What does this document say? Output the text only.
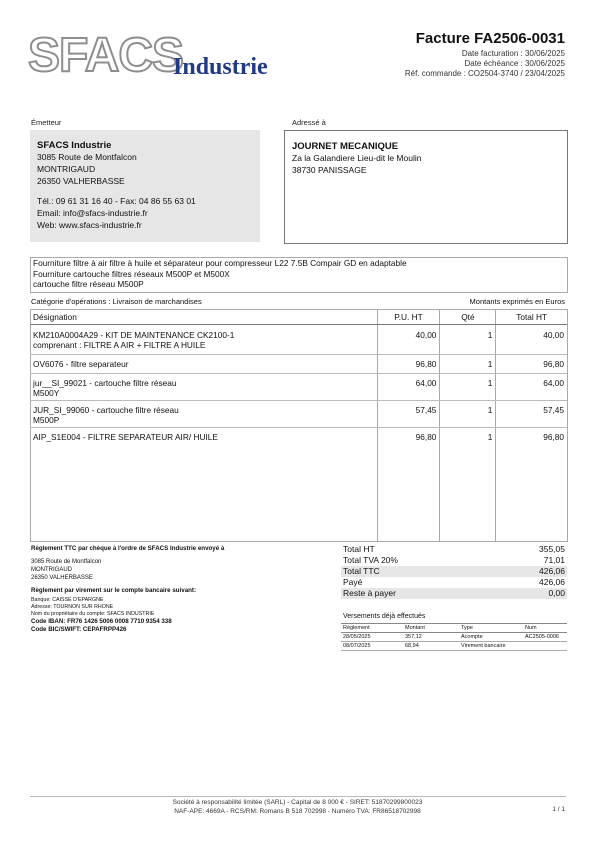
SFACS
Industrie
Facture FA2506-0031
Date facturation : 30/06/2025
Date échéance : 30/06/2025
Réf. commande : CO2504-3740 / 23/04/2025
Émetteur
SFACS Industrie
3085 Route de Montfalcon
MONTRIGAUD
26350 VALHERBASSE
Tél.: 09 61 31 16 40 - Fax: 04 86 55 63 01
Email: info@sfacs-industrie.fr
Web: www.sfacs-industrie.fr
Adressé à
JOURNET MECANIQUE
Za la Galandiere Lieu-dit le Moulin
38730 PANISSAGE
Fourniture filtre à air filtre à huile et séparateur pour compresseur L22 7.5B Compair GD en adaptable
Fourniture cartouche filtres réseaux M500P et M500X
cartouche filtre réseau M500P
Catégorie d'opérations : Livraison de marchandises	Montants exprimés en Euros
Désignation	P.U. HT	Qté	Total HT

KM210A0004A29 - KIT DE MAINTENANCE CK2100-1
comprenant : FILTRE A AIR + FILTRE A HUILE	40,00	1	40,00

OV6076 - filtre separateur	96,80	1	96,80

jur__SI_99021 - cartouche filtre réseau
M500Y	64,00	1	64,00

JUR_SI_99060 - cartouche filtre réseau
M500P	57,45	1	57,45

AIP_S1E004 - FILTRE SEPARATEUR AIR/ HUILE	96,80	1	96,80
Règlement TTC par chèque à l'ordre de SFACS Industrie envoyé à
3085 Route de Montfalcon
MONTRIGAUD
26350 VALHERBASSE
Règlement par virement sur le compte bancaire suivant:
Banque: CAISSE D'EPARGNE
Adresse: TOURNON SUR RHONE
Nom du propriétaire du compte: SFACS INDUSTRIE
Code IBAN: FR76 1426 5006 0008 7710 9354 338
Code BIC/SWIFT: CEPAFRPP426
Total HT	355,05
Total TVA 20%	71,01
Total TTC	426,06
Payé	426,06
Reste à payer	0,00
Versements déjà effectués
Règlement	Montant	Type	Num
28/05/2025	357,12	Acompte	AC2505-0006
08/07/2025	68,94	Virement bancaire	
Société à responsabilité limitée (SARL) - Capital de 8 000 € - SIRET: 51870299800023
NAF-APE: 4669A - RCS/RM: Romans B 518 702998 - Numéro TVA: FR86518702998	1 / 1
